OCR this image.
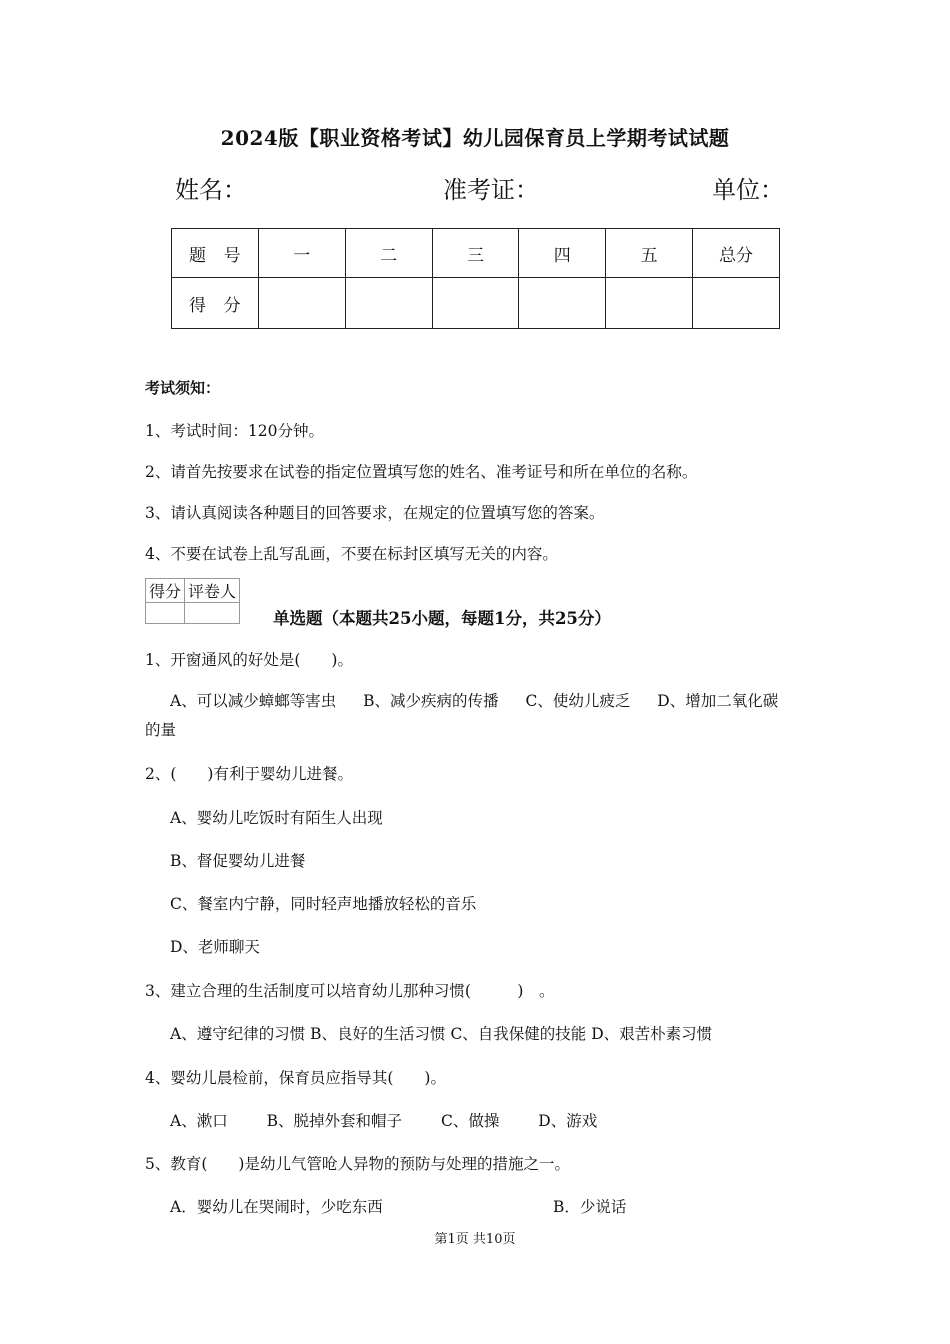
2024版【职业资格考试】幼儿园保育员上学期考试试题
姓名：	准考证：	单位：
题　号	一	二	三	四	五	总分
得　分						
考试须知：
1、考试时间：120分钟。
2、请首先按要求在试卷的指定位置填写您的姓名、准考证号和所在单位的名称。
3、请认真阅读各种题目的回答要求，在规定的位置填写您的答案。
4、不要在试卷上乱写乱画，不要在标封区填写无关的内容。
得分	评卷人

单选题（本题共25小题，每题1分，共25分）
1、开窗通风的好处是(　　)。
A、可以减少蟑螂等害虫 B、减少疾病的传播 C、使幼儿疲乏 D、增加二氧化碳
的量
2、(　　)有利于婴幼儿进餐。
A、婴幼儿吃饭时有陌生人出现
B、督促婴幼儿进餐
C、餐室内宁静，同时轻声地播放轻松的音乐
D、老师聊天
3、建立合理的生活制度可以培育幼儿那种习惯(　　　)　。
A、遵守纪律的习惯 B、良好的生活习惯 C、自我保健的技能 D、艰苦朴素习惯
4、婴幼儿晨检前，保育员应指导其(　　)。
A、漱口	B、脱掉外套和帽子	C、做操	D、游戏
5、教育(　　)是幼儿气管呛人异物的预防与处理的措施之一。
A．婴幼儿在哭闹时，少吃东西	B．少说话
第1页 共10页
